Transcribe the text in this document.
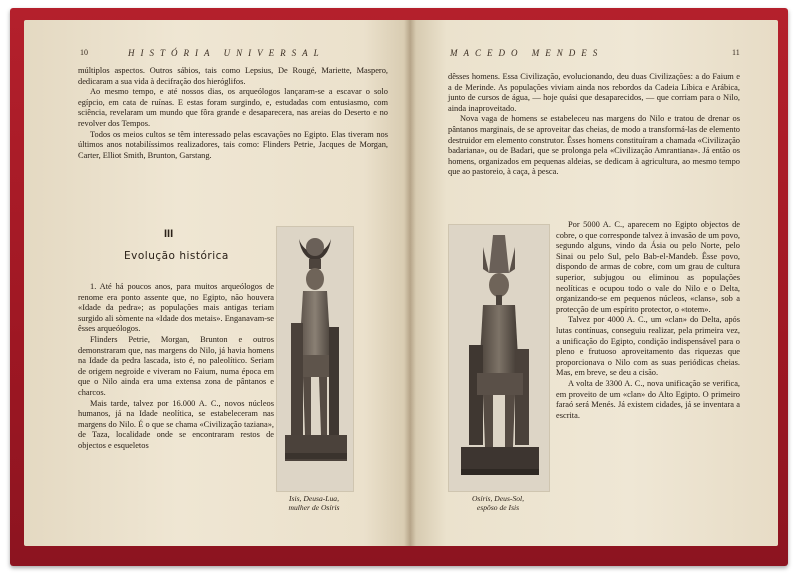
10	HISTÓRIA UNIVERSAL

múltiplos aspectos. Outros sábios, tais como Lepsius, De Rougé, Mariette, Maspero, dedicaram a sua vida à decifração dos hieróglifos.

Ao mesmo tempo, e até nossos dias, os arqueólogos lançaram-se a escavar o solo egípcio, em cata de ruínas. E estas foram surgindo, e, estudadas com entusiasmo, com sciência, revelaram um mundo que fôra grande e desaparecera, nas areias do Deserto e no revolver dos Tempos.

Todos os meios cultos se têm interessado pelas escavações no Egipto. Elas tiveram nos últimos anos notabilíssimos realizadores, tais como: Flinders Petrie, Jacques de Morgan, Carter, Elliot Smith, Brunton, Garstang.

III
Evolução histórica

1. Até há poucos anos, para muitos arqueólogos de renome era ponto assente que, no Egipto, não houvera «Idade da pedra»; as populações mais antigas teriam surgido ali sòmente na «Idade dos metais». Enganavam-se êsses arqueólogos.

Flinders Petrie, Morgan, Brunton e outros demonstraram que, nas margens do Nilo, já havia homens na Idade da pedra lascada, isto é, no paleolítico. Seriam de origem negroide e viveram no Faium, numa época em que o Nilo ainda era uma extensa zona de pântanos e charcos.

Mais tarde, talvez por 16.000 A. C., novos núcleos humanos, já na Idade neolítica, se estabeleceram nas margens do Nilo. É o que se chama «Civilização taziana», de Taza, localidade onde se encontraram restos de objectos e esqueletos

Isis, Deusa-Lua,
mulher de Osíris
MACEDO MENDES	11

dêsses homens. Essa Civilização, evolucionando, deu duas Civilizações: a do Faium e a de Merinde. As populações viviam ainda nos rebordos da Cadeia Líbica e Arábica, junto de cursos de água, — hoje quási que desaparecidos, — que corriam para o Nilo, ainda inaproveitado.

Nova vaga de homens se estabeleceu nas margens do Nilo e tratou de drenar os pântanos marginais, de se aproveitar das cheias, de modo a transformá-las de elemento destruidor em elemento construtor. Êsses homens constituíram a chamada «Civilização badariana», ou de Badari, que se prolonga pela «Civilização Amrantiana». Já então os homens, organizados em pequenas aldeias, se dedicam à agricultura, ao mesmo tempo que ao pastoreio, à caça, à pesca.

Osíris, Deus-Sol,
espôso de Isis

Por 5000 A. C., aparecem no Egipto objectos de cobre, o que corresponde talvez à invasão de um povo, segundo alguns, vindo da Ásia ou pelo Norte, pelo Sinai ou pelo Sul, pelo Bab-el-Mandeb. Êsse povo, dispondo de armas de cobre, com um grau de cultura superior, subjugou ou eliminou as populações neolíticas e ocupou todo o vale do Nilo e o Delta, organizando-se em pequenos núcleos, «clans», sob a protecção de um espírito protector, o «totem».

Talvez por 4000 A. C., um «clan» do Delta, após lutas contínuas, conseguiu realizar, pela primeira vez, a unificação do Egipto, condição indispensável para o pleno e frutuoso aproveitamento das riquezas que proporcionava o Nilo com as suas periódicas cheias. Mas, em breve, se deu a cisão.

A volta de 3300 A. C., nova unificação se verifica, em proveito de um «clan» do Alto Egipto. O primeiro faraó será Menés. Já existem cidades, já se inventara a escrita.
